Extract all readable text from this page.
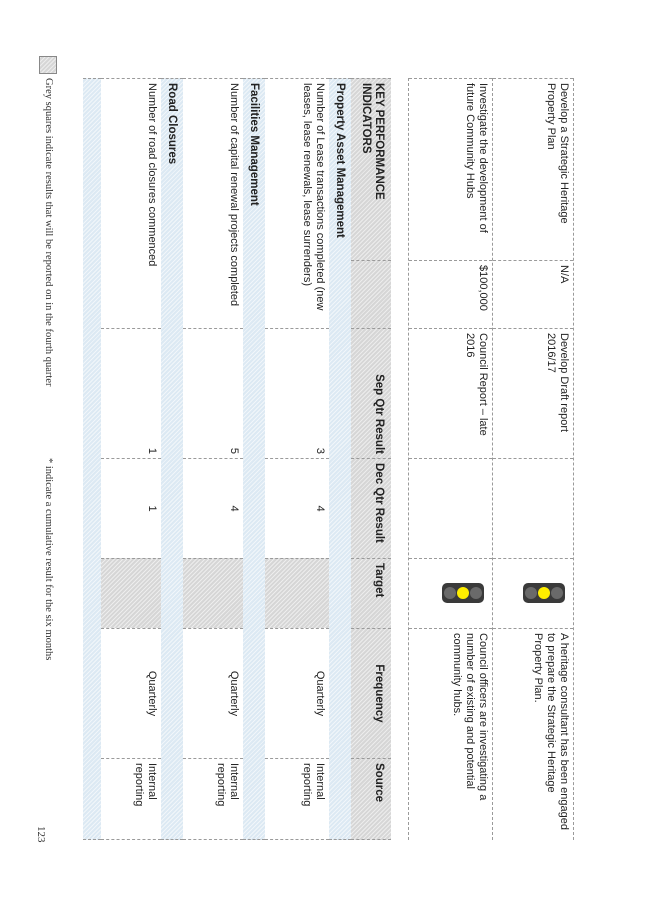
Develop a Strategic Heritage Property Plan
N/A
Develop Draft report 2016/17
A heritage consultant has been engaged to prepare the Strategic Heritage Property Plan.
Investigate the development of future Community Hubs
$100,000
Council Report – late 2016
Council officers are investigating a number of existing and potential community hubs.
KEY PERFORMANCE INDICATORS
Sep Qtr Result
Dec Qtr Result
Target
Frequency
Source
Property Asset Management
Number of Lease transactions completed (new leases, lease renewals, lease surrenders)
3
4
Quarterly
Internal reporting
Facilities Management
Number of capital renewal projects completed
5
4
Quarterly
Internal reporting
Road Closures
Number of road closures commenced
1
1
Quarterly
Internal reporting
Grey squares indicate results that will be reported on in the fourth quarter
* indicate a cumulative result for the six months
123
